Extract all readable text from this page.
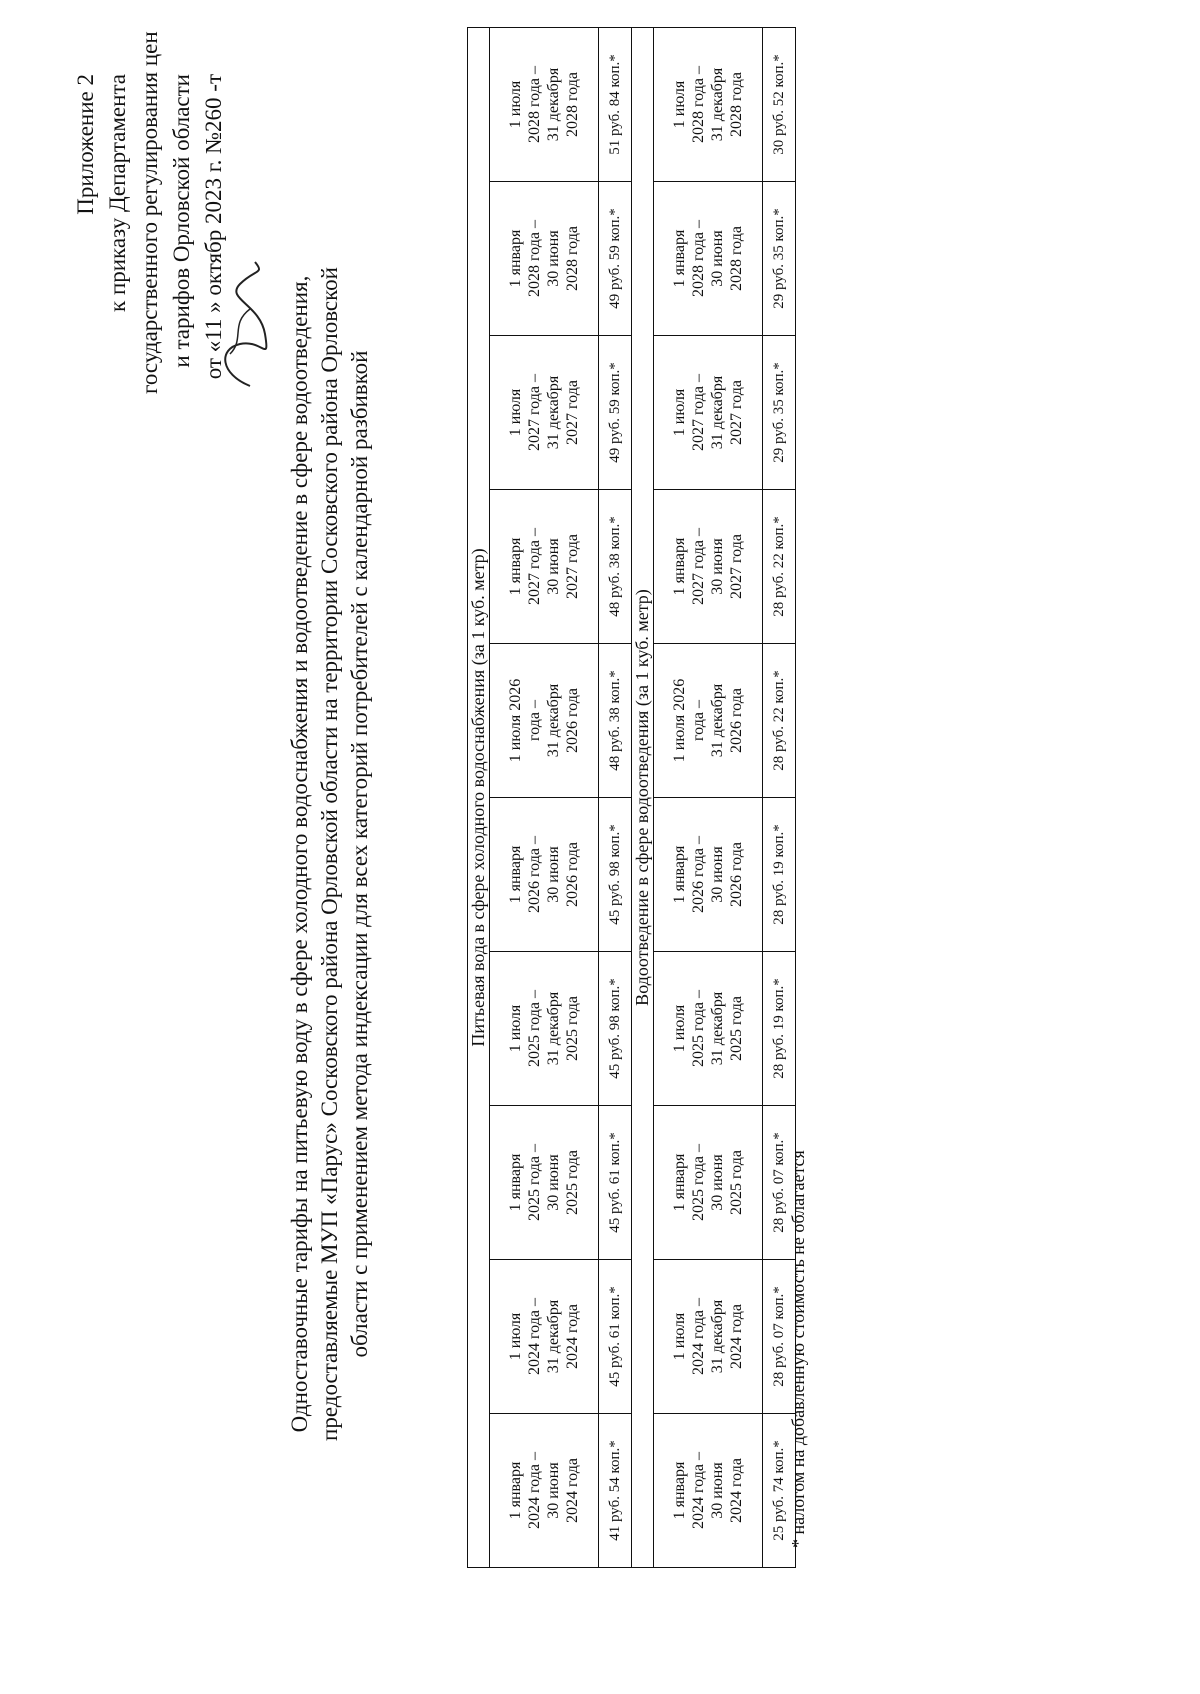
Приложение 2 к приказу Департамента государственного регулирования цен и тарифов Орловской области от «11 » октябр 2023 г. №260 -т
Одноставочные тарифы на питьевую воду в сфере холодного водоснабжения и водоотведение в сфере водоотведения, предоставляемые МУП «Парус» Сосковского района Орловской области на территории Сосковского района Орловской области с применением метода индексации для всех категорий потребителей с календарной разбивкой	Питьевая вода в сфере холодного водоснабжения (за 1 куб. метр)									
1 января
2024 года –
30 июня
2024 года	1 июля
2024 года –
31 декабря
2024 года	1 января
2025 года –
30 июня
2025 года	1 июля
2025 года –
31 декабря
2025 года	1 января
2026 года –
30 июня
2026 года	1 июля 2026
года –
31 декабря
2026 года	1 января
2027 года –
30 июня
2027 года	1 июля
2027 года –
31 декабря
2027 года	1 января
2028 года –
30 июня
2028 года	1 июля
2028 года –
31 декабря
2028 года
41 руб. 54 коп.*	45 руб. 61 коп.*	45 руб. 61 коп.*	45 руб. 98 коп.*	45 руб. 98 коп.*	48 руб. 38 коп.*	48 руб. 38 коп.*	49 руб. 59 коп.*	49 руб. 59 коп.*	51 руб. 84 коп.*
Водоотведение в сфере водоотведения (за 1 куб. метр)									
1 января
2024 года –
30 июня
2024 года	1 июля
2024 года –
31 декабря
2024 года	1 января
2025 года –
30 июня
2025 года	1 июля
2025 года –
31 декабря
2025 года	1 января
2026 года –
30 июня
2026 года	1 июля 2026
года –
31 декабря
2026 года	1 января
2027 года –
30 июня
2027 года	1 июля
2027 года –
31 декабря
2027 года	1 января
2028 года –
30 июня
2028 года	1 июля
2028 года –
31 декабря
2028 года
25 руб. 74 коп.*	28 руб. 07 коп.*	28 руб. 07 коп.*	28 руб. 19 коп.*	28 руб. 19 коп.*	28 руб. 22 коп.*	28 руб. 22 коп.*	29 руб. 35 коп.*	29 руб. 35 коп.*	30 руб. 52 коп.*
* налогом на добавленную стоимость не облагается
